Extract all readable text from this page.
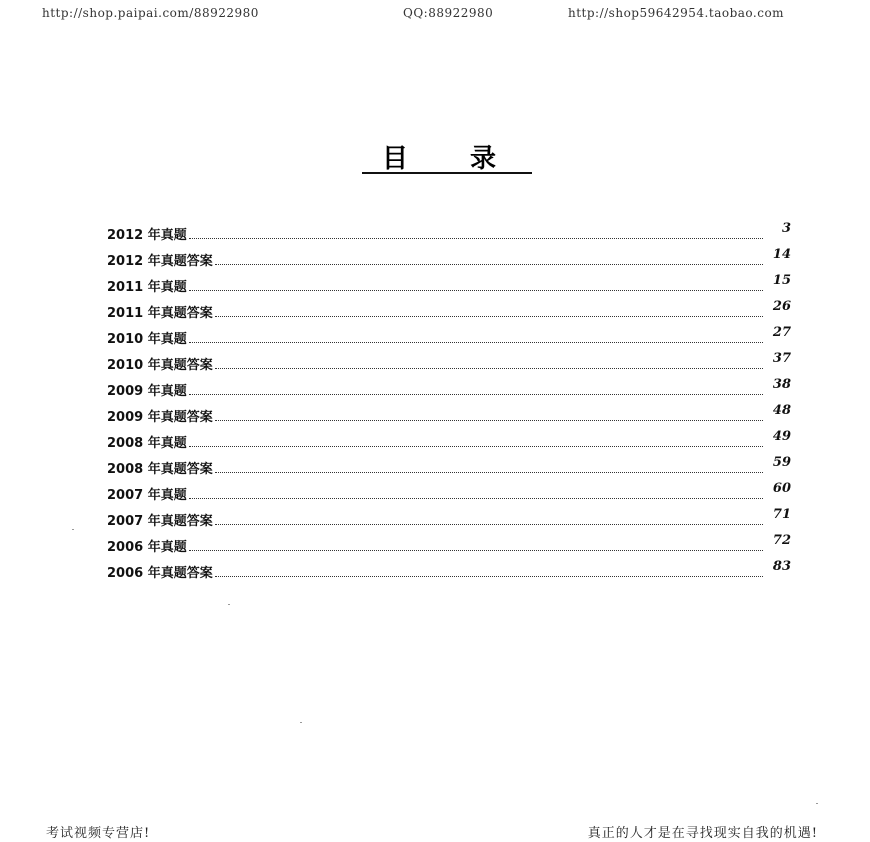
http://shop.paipai.com/88922980	QQ:88922980	http://shop59642954.taobao.com
目 录
2012 年真题	3
2012 年真题答案	14
2011 年真题	15
2011 年真题答案	26
2010 年真题	27
2010 年真题答案	37
2009 年真题	38
2009 年真题答案	48
2008 年真题	49
2008 年真题答案	59
2007 年真题	60
2007 年真题答案	71
2006 年真题	72
2006 年真题答案	83
考试视频专营店!	真正的人才是在寻找现实自我的机遇!
